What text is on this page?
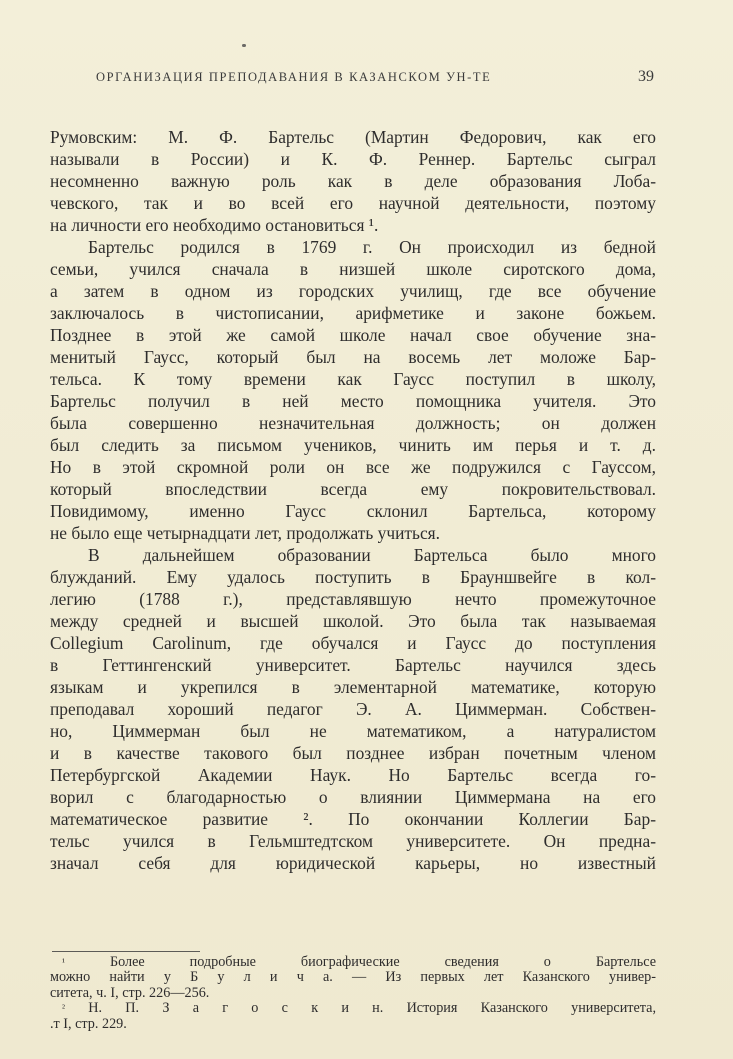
ОРГАНИЗАЦИЯ ПРЕПОДАВАНИЯ В КАЗАНСКОМ УН-ТЕ	39
Румовским: М. Ф. Бартельс (Мартин Федорович, как его
называли в России) и К. Ф. Реннер. Бартельс сыграл
несомненно важную роль как в деле образования Лоба-
чевского, так и во всей его научной деятельности, поэтому
на личности его необходимо остановиться ¹.
Бартельс родился в 1769 г. Он происходил из бедной
семьи, учился сначала в низшей школе сиротского дома,
а затем в одном из городских училищ, где все обучение
заключалось в чистописании, арифметике и законе божьем.
Позднее в этой же самой школе начал свое обучение зна-
менитый Гаусс, который был на восемь лет моложе Бар-
тельса. К тому времени как Гаусс поступил в школу,
Бартельс получил в ней место помощника учителя. Это
была совершенно незначительная должность; он должен
был следить за письмом учеников, чинить им перья и т. д.
Но в этой скромной роли он все же подружился с Гауссом,
который впоследствии всегда ему покровительствовал.
Повидимому, именно Гаусс склонил Бартельса, которому
не было еще четырнадцати лет, продолжать учиться.
В дальнейшем образовании Бартельса было много
блужданий. Ему удалось поступить в Брауншвейге в кол-
легию (1788 г.), представлявшую нечто промежуточное
между средней и высшей школой. Это была так называемая
Collegium Carolinum, где обучался и Гаусс до поступления
в Геттингенский университет. Бартельс научился здесь
языкам и укрепился в элементарной математике, которую
преподавал хороший педагог Э. А. Циммерман. Собствен-
но, Циммерман был не математиком, а натуралистом
и в качестве такового был позднее избран почетным членом
Петербургской Академии Наук. Но Бартельс всегда го-
ворил с благодарностью о влиянии Циммермана на его
математическое развитие ². По окончании Коллегии Бар-
тельс учился в Гельмштедтском университете. Он предна-
значал себя для юридической карьеры, но известный
$^{^1}$	Более подробные биографические сведения о Бартельсе
можно найти у Б у л и ч а. — Из первых лет Казанского универ-
ситета, ч. I, стр. 226—256.
$^{^2}$ Н. П. З а г о с к и н. История Казанского университета,
.т I, стр. 229.
